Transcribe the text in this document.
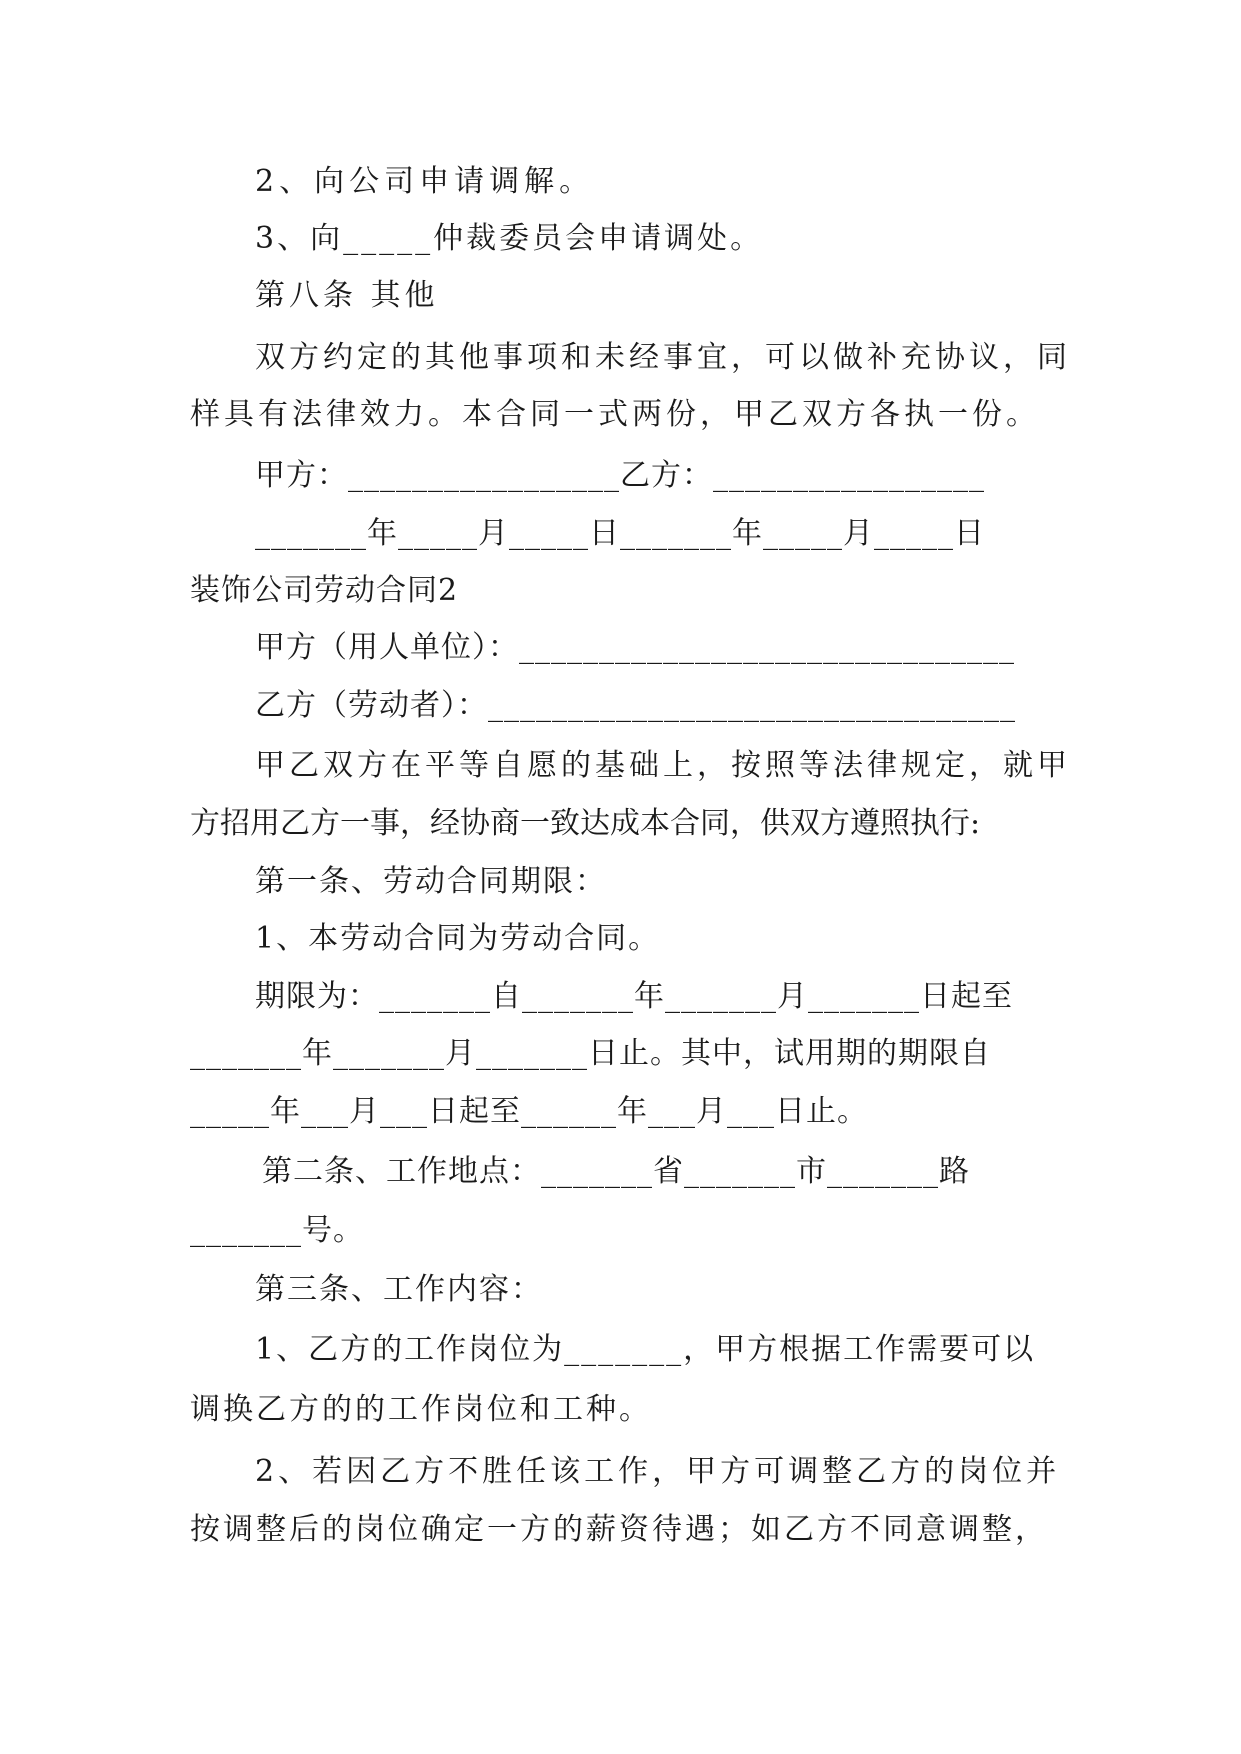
2、向公司申请调解。

3、向_____仲裁委员会申请调处。

第八条 其他

双方约定的其他事项和未经事宜，可以做补充协议，同

样具有法律效力。本合同一式两份，甲乙双方各执一份。

甲方：_________________乙方：_________________

_______年_____月_____日_______年_____月_____日

装饰公司劳动合同2

甲方（用人单位）：_______________________________

乙方（劳动者）：_________________________________

甲乙双方在平等自愿的基础上，按照等法律规定，就甲

方招用乙方一事，经协商一致达成本合同，供双方遵照执行:

第一条、劳动合同期限：

1、本劳动合同为劳动合同。

期限为：_______自_______年_______月_______日起至

_______年_______月_______日止。其中，试用期的期限自

_____年___月___日起至______年___月___日止。

第二条、工作地点：_______省_______市_______路

_______号。

第三条、工作内容：

1、乙方的工作岗位为_______，甲方根据工作需要可以

调换乙方的的工作岗位和工种。

2、若因乙方不胜任该工作，甲方可调整乙方的岗位并

按调整后的岗位确定一方的薪资待遇；如乙方不同意调整，
